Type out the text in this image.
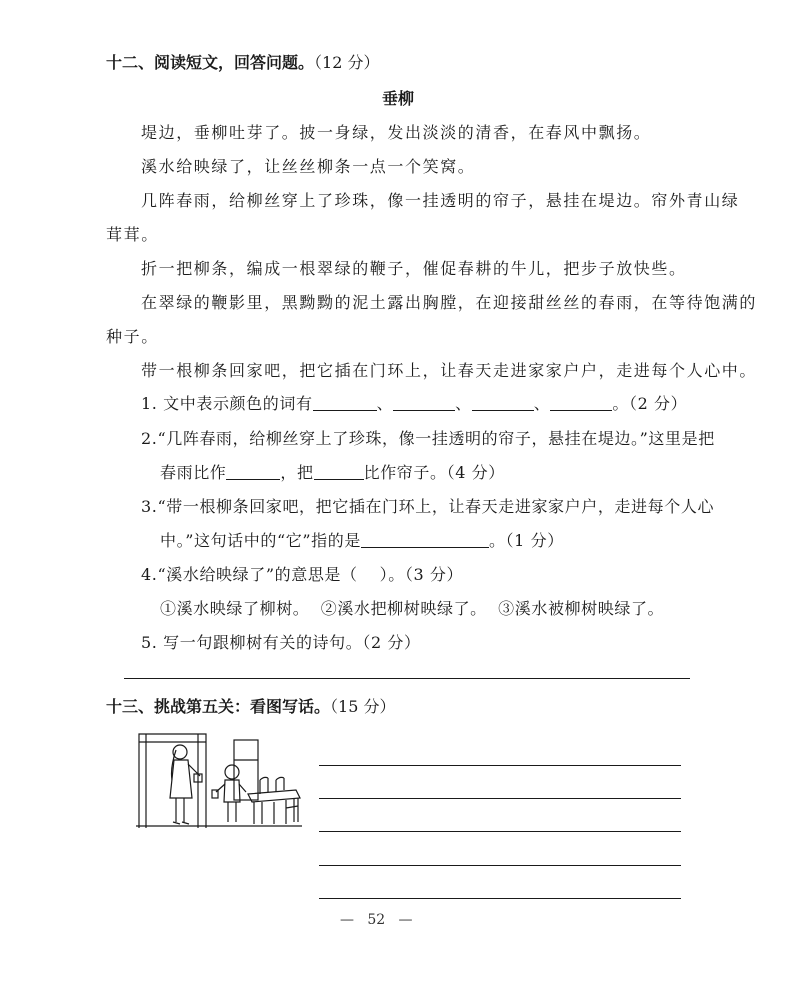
十二、阅读短文，回答问题。（12 分）
垂柳
堤边，垂柳吐芽了。披一身绿，发出淡淡的清香，在春风中飘扬。
溪水给映绿了，让丝丝柳条一点一个笑窝。
几阵春雨，给柳丝穿上了珍珠，像一挂透明的帘子，悬挂在堤边。帘外青山绿
茸茸。
折一把柳条，编成一根翠绿的鞭子，催促春耕的牛儿，把步子放快些。
在翠绿的鞭影里，黑黝黝的泥土露出胸膛，在迎接甜丝丝的春雨，在等待饱满的
种子。
带一根柳条回家吧，把它插在门环上，让春天走进家家户户，走进每个人心中。
1. 文中表示颜色的词有	、	、	、	。（2 分）
2.“几阵春雨，给柳丝穿上了珍珠，像一挂透明的帘子，悬挂在堤边。”这里是把
春雨比作	，把	比作帘子。（4 分）
3.“带一根柳条回家吧，把它插在门环上，让春天走进家家户户，走进每个人心
中。”这句话中的“它”指的是	。（1 分）
4.“溪水给映绿了”的意思是（ ）。（3 分）
①溪水映绿了柳树。  ②溪水把柳树映绿了。  ③溪水被柳树映绿了。
5. 写一句跟柳树有关的诗句。（2 分）
十三、挑战第五关：看图写话。（15 分）
—   52   —
